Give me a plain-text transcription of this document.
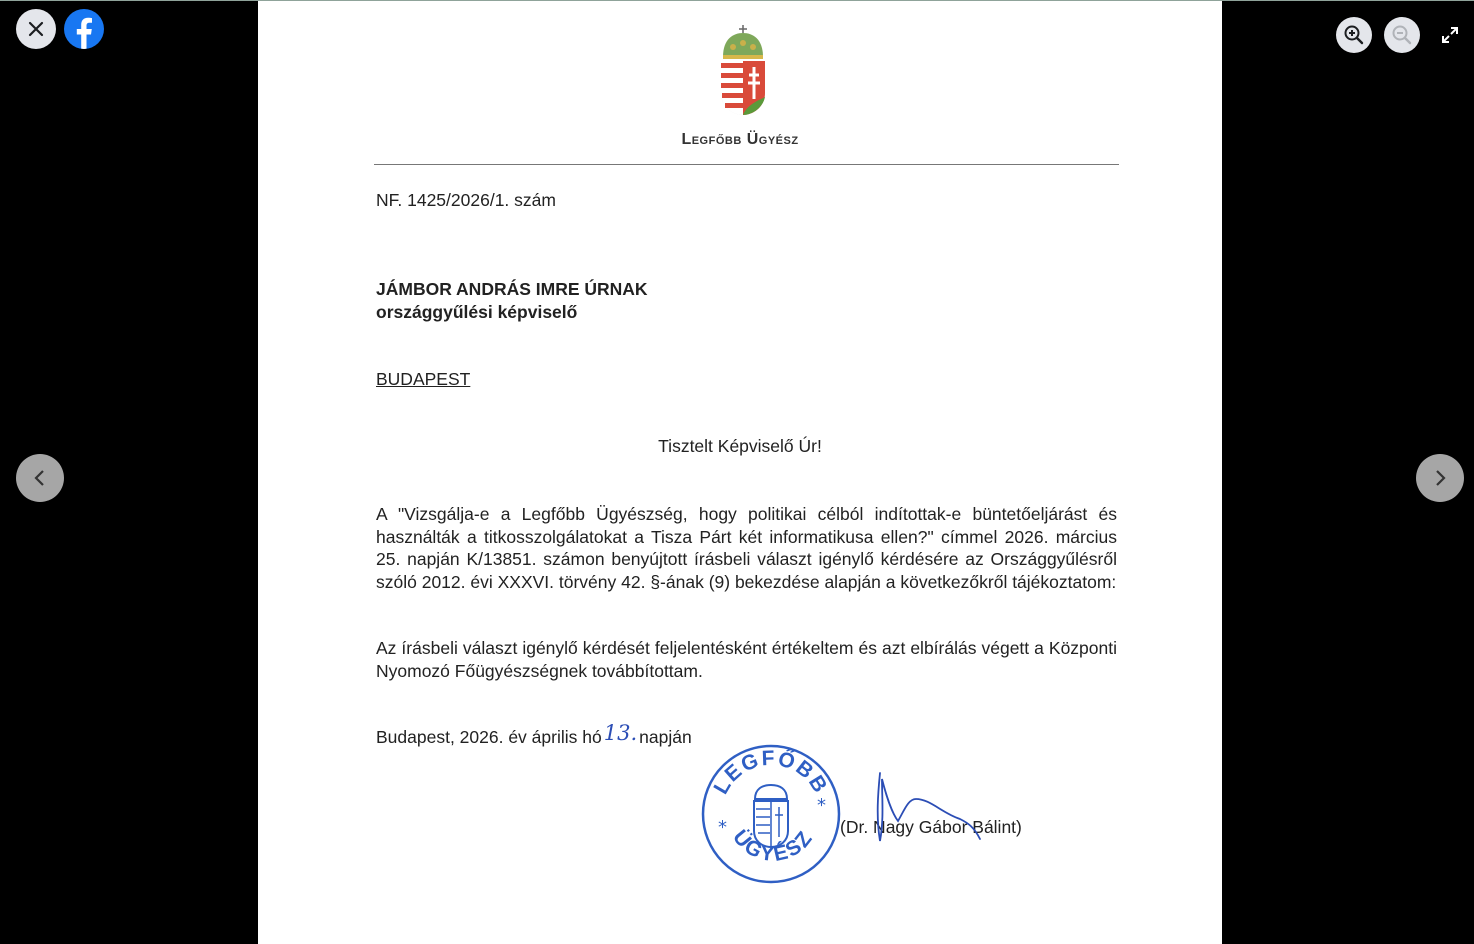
Legfőbb Ügyész
NF. 1425/2026/1. szám
JÁMBOR ANDRÁS IMRE ÚRNAK
országgyűlési képviselő
BUDAPEST
Tisztelt Képviselő Úr!
A "Vizsgálja-e a Legfőbb Ügyészség, hogy politikai célból indítottak-e büntetőeljárást és használták a titkosszolgálatokat a Tisza Párt két informatikusa ellen?" címmel 2026. március 25. napján K/13851. számon benyújtott írásbeli választ igénylő kérdésére az Országgyűlésről szóló 2012. évi XXXVI. törvény 42. §-ának (9) bekezdése alapján a következőkről tájékoztatom:
Az írásbeli választ igénylő kérdését feljelentésként értékeltem és azt elbírálás végett a Központi Nyomozó Főügyészségnek továbbítottam.
Budapest, 2026. év április hó13. napján
LEGFŐBB
ÜGYÉSZ
*
*
(Dr. Nagy Gábor Bálint)
